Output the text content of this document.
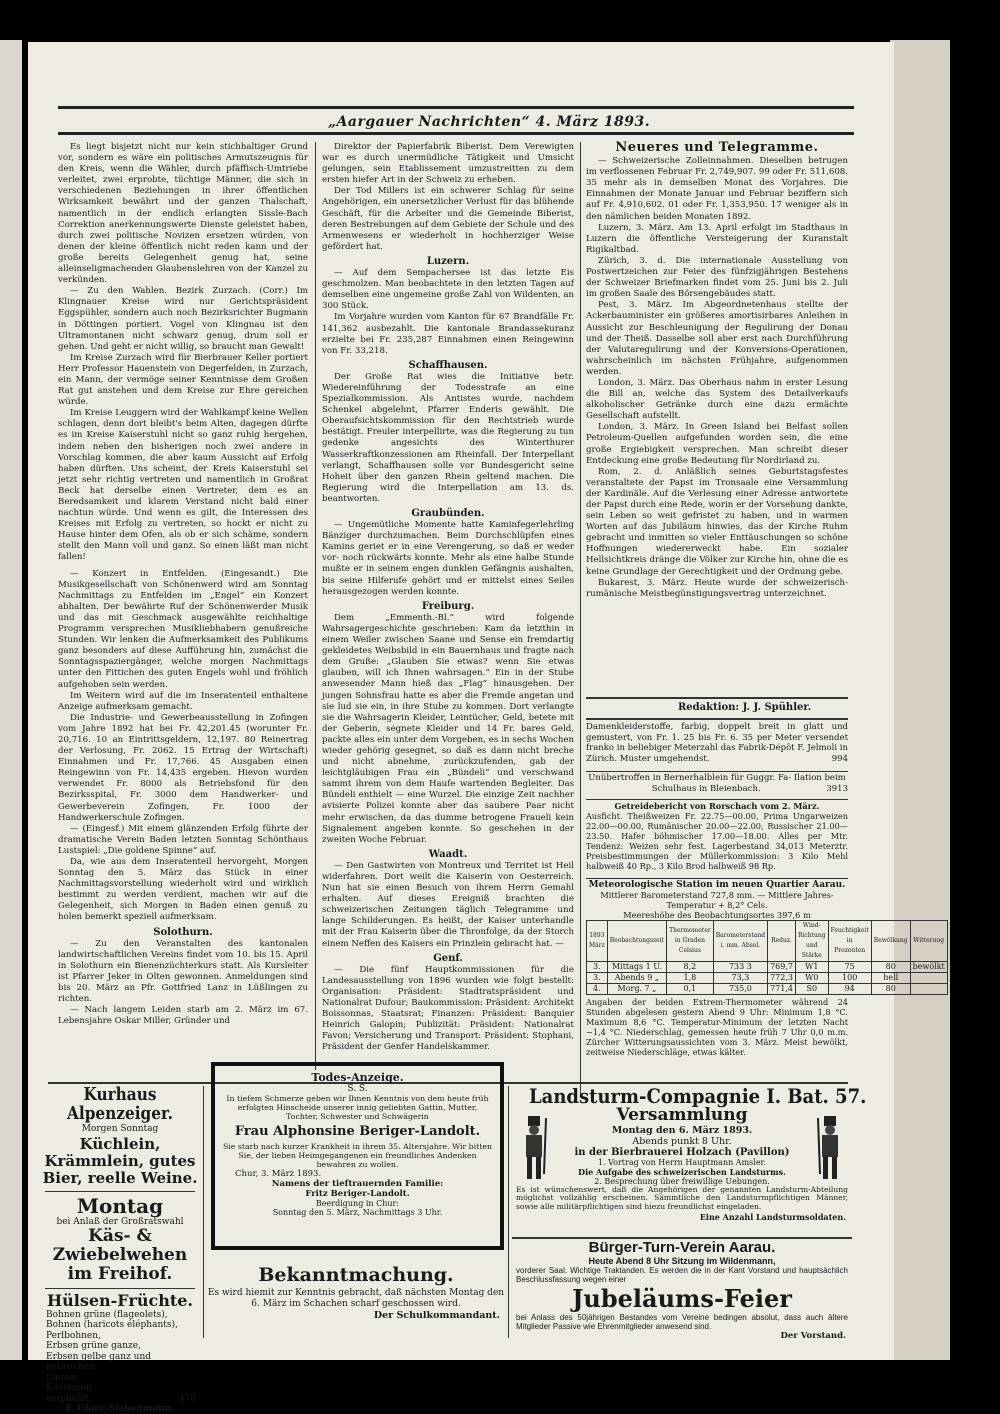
„Aargauer Nachrichten“ 4. März 1893.

Es liegt bisjetzt nicht nur kein stichhaltiger Grund vor, sondern es wäre ein politisches Armutszeugnis für den Kreis, wenn die Wähler, durch pfäffisch-Umtriebe verleitet, zwei erprobte, tüchtige Männer, die sich in verschiedenen Beziehungen in ihrer öffentlichen Wirksamkeit bewährt und der ganzen Thalschaft, namentlich in der endlich erlangten Sissle-Bach Correktion anerkennungswerte Dienste geleistet haben, durch zwei politische Novizen ersetzen würden, von denen der kleine öffentlich nicht reden kann und der große bereits Gelegenheit genug hat, seine alleinseligmachenden Glaubenslehren von der Kanzel zu verkünden.

— Zu den Wahlen. Bezirk Zurzach. (Corr.) Im Klingnauer Kreise wird nur Gerichtspräsident Eggspühler, sondern auch noch Bezirksrichter Bugmann in Döttingen portiert. Vogel von Klingnau ist den Ultramontanen nicht schwarz genug, drum soll er gehen. Und geht er nicht willig, so braucht man Gewalt!

Im Kreise Zurzach wird für Bierbrauer Keller portiert Herr Professor Hauenstein von Degerfelden, in Zurzach, ein Mann, der vermöge seiner Kenntnisse dem Großen Rat gut anstehen und dem Kreise zur Ehre gereichen würde.

Im Kreise Leuggern wird der Wahlkampf keine Wellen schlagen, denn dort bleibt's beim Alten, dagegen dürfte es im Kreise Kaiserstuhl nicht so ganz ruhig hergehen, indem neben den bisherigen noch zwei andere in Vorschlag kommen, die aber kaum Aussicht auf Erfolg haben dürften. Uns scheint, der Kreis Kaiserstuhl sei jetzt sehr richtig vertreten und namentlich in Großrat Beck hat derselbe einen Vertreter, dem es an Beredsamkeit und klarem Verstand nicht bald einer nachtun würde. Und wenn es gilt, die Interessen des Kreises mit Erfolg zu vertreten, so hockt er nicht zu Hause hinter dem Ofen, als ob er sich schäme, sondern stellt den Mann voll und ganz. So einen läßt man nicht fallen!

— Konzert in Entfelden. (Eingesandt.) Die Musikgesellschaft von Schönenwerd wird am Sonntag Nachmittags zu Entfelden im „Engel“ ein Konzert abhalten. Der bewährte Ruf der Schönenwerder Musik und das mit Geschmack ausgewählte reichhaltige Programm versprechen Musikliebhabern genußreiche Stunden. Wir lenken die Aufmerksamkeit des Publikums ganz besonders auf diese Aufführung hin, zumächst die Sonntagsspaziergänger, welche morgen Nachmittags unter den Fittichen des guten Engels wohl und fröhlich aufgehoben sein werden.

Im Weitern wird auf die im Inseratenteil enthaltene Anzeige aufmerksam gemacht.

Die Industrie- und Gewerbeausstellung in Zofingen vom Jahre 1892 hat bei Fr. 42,201.45 (worunter Fr. 20,716. 10 an Eintrittsgeldern, 12,197. 80 Reinertrag der Verlosung, Fr. 2062. 15 Ertrag der Wirtschaft) Einnahmen und Fr. 17,766. 45 Ausgaben einen Reingewinn von Fr. 14,435 ergeben. Hievon wurden verwendet Fr. 8000 als Betriebsfond für den Bezirksspital, Fr. 3000 dem Handwerker- und Gewerbeverein Zofingen, Fr. 1000 der Handwerkerschule Zofingen.

— (Eingesf.) Mit einem glänzenden Erfolg führte der dramatische Verein Baden letzten Sonntag Schönthaus Lustspiel: „Die goldene Spinne“ auf.

Da, wie aus dem Inseratenteil hervorgeht, Morgen Sonntag den 5. März das Stück in einer Nachmittagsvorstellung wiederholt wird und wirklich bestimmt zu werden verdient, machen wir auf die Gelegenheit, sich Morgen in Baden einen genuß zu holen bemerkt speziell aufmerksam.

Solothurn.

— Zu den Veranstalten des kantonalen landwirtschaftlichen Vereins findet vom 10. bis 15. April in Solothurn ein Bienenzüchterkurs statt. Als Kursleiter ist Pfarrer Jeker in Olten gewonnen. Anmeldungen sind bis 20. März an Pfr. Gottfried Lanz in Lüßlingen zu richten.

— Nach langem Leiden starb am 2. März im 67. Lebensjahre Oskar Miller, Gründer und

Direktor der Papierfabrik Biberist. Dem Verewigten war es durch unermüdliche Tätigkeit und Umsicht gelungen, sein Etablissement umzustreitten zu dem ersten hiefer Art in der Schweiz zu erheben.

Der Tod Millers ist ein schwerer Schlag für seine Angehörigen, ein unersetzlicher Verlust für das blühende Geschäft, für die Arbeiter und die Gemeinde Biberist, deren Bestrebungen auf dem Gebiete der Schule und des Armenwesens er wiederholt in hochherziger Weise gefördert hat.

Luzern.

— Auf dem Sempachersee ist das letzte Eis geschmolzen. Man beobachtete in den letzten Tagen auf demselben eine ungemeine große Zahl von Wildenten, an 300 Stück.

Im Vorjahre wurden vom Kanton für 67 Brandfälle Fr. 141,362 ausbezahlt. Die kantonale Brandassekuranz erzielte bei Fr. 235,287 Einnahmen einen Reingewinn von Fr. 33,218.

Schaffhausen.

Der Große Rat wies die Initiative betr. Wiedereinführung der Todesstrafe an eine Spezialkommission. Als Antistes wurde, nachdem Schenkel abgelehnt, Pfarrer Enderis gewählt. Die Oberaufsichtskommission für den Rechtstrieb wurde bestätigt. Freuler interpellirte, was die Regierung zu tun gedenke angesichts des Winterthurer Wasserkraftkonzessionen am Rheinfall. Der Interpellant verlangt, Schaffhausen solle vor Bundesgericht seine Hoheit über den ganzen Rhein geltend machen. Die Regierung wird die Interpellation am 13. ds. beantworten.

Graubünden.

— Ungemütliche Momente hatte Kaminfegerlehrling Bänziger durchzumachen. Beim Durchschlüpfen eines Kamins geriet er in eine Verengerung, so daß er weder vor- noch rückwärts konnte. Mehr als eine halbe Stunde mußte er in seinem engen dunklen Gefängnis aushalten, bis seine Hilferufe gehört und er mittelst eines Seiles herausgezogen werden konnte.

Freiburg.

Dem „Emmenth.-Bl.“ wird folgende Wahrsagergeschichte geschrieben: Kam da letzthin in einem Weiler zwischen Saane und Sense ein fremdartig gekleidetes Weibsbild in ein Bauernhaus und fragte nach dem Gruße: „Glauben Sie etwas? wenn Sie etwas glauben, will ich Ihnen wahrsagen.“ Ein in der Stube anwesender Mann hieß das „Flag“ hinausgehen. Der jungen Sohnsfrau hatte es aber die Fremde angetan und sie lud sie ein, in ihre Stube zu kommen. Dort verlangte sie die Wahrsagerin Kleider, Leintücher, Geld, betete mit der Geberin, segnete Kleider und 14 Fr. bares Geld, packte alles ein unter dem Vorgeben, es in sechs Wochen wieder gehörig gesegnet, so daß es dann nicht breche und nicht abnehme, zurückzufenden, gab der leichtgläubigen Frau ein „Bündeli“ und verschwand sammt ihrem von dem Haufe wartenden Begleiter. Das Bündeli enthielt — eine Wurzel. Die einzige Zeit nachher avisierte Polizei konnte aber das saubere Paar nicht mehr erwischen, da das dumme betrogene Fraueli kein Signalement angeben konnte. So geschehen in der zweiten Woche Februar.

Waadt.

— Den Gastwirten von Montreux und Territet ist Heil widerfahren. Dort weilt die Kaiserin von Oesterreich. Nun hat sie einen Besuch von ihrem Herrn Gemahl erhalten. Auf dieses Ereigniß brachten die schweizerischen Zeitungen täglich Telegramme und lange Schilderungen. Es heißt, der Kaiser unterhandle mit der Frau Kaiserin über die Thronfolge, da der Storch einem Neffen des Kaisers ein Prinzlein gebracht hat. —

Genf.

— Die fünf Hauptkommissionen für die Landesausstellung von 1896 wurden wie folgt bestellt: Organisation: Präsident: Stadtratspräsident und Nationalrat Dufour; Baukommission: Präsident: Architekt Boissonnas, Staatsrat; Finanzen: Präsident: Banquier Heinrich Galopin; Publizität: Präsident: Nationalrat Favon; Versicherung und Transport: Präsident: Stophani, Präsident der Genfer Handelskammer.

Neueres und Telegramme.

— Schweizerische Zolleinnahmen. Dieselben betrugen im verflossenen Februar Fr. 2,749,907. 99 oder Fr. 511,608. 35 mehr als in demselben Monat des Vorjahres. Die Einnahmen der Monate Januar und Februar beziffern sich auf Fr. 4,910,602. 01 oder Fr. 1,353,950. 17 weniger als in den nämlichen beiden Monaten 1892.

Luzern, 3. März. Am 13. April erfolgt im Stadthaus in Luzern die öffentliche Versteigerung der Kuranstalt Rigikaltbad.

Zürich, 3. d. Die internationale Ausstellung von Postwertzeichen zur Feier des fünfzigjährigen Bestehens der Schweizer Briefmarken findet vom 25. Juni bis 2. Juli im großen Saale des Börsengebäudes statt.

Pest, 3. März. Im Abgeordnetenhaus stellte der Ackerbauminister ein größeres amortisirbares Anleihen in Aussicht zur Beschleunigung der Regulirung der Donau und der Theiß. Dasselbe soll aber erst nach Durchführung der Valutaregulirung und der Konversions-Operationen, wahrscheinlich im nächsten Frühjahre, aufgenommen werden.

London, 3. März. Das Oberhaus nahm in erster Lesung die Bill an, welche das System des Detailverkaufs alkoholischer Getränke durch eine dazu ermächte Gesellschaft aufstellt.

London, 3. März. In Green Island bei Belfast sollen Petroleum-Quellen aufgefunden worden sein, die eine große Ergiebigkeit versprechen. Man schreibt dieser Entdeckung eine große Bedeutung für Nordirland zu.

Rom, 2. d. Anläßlich seines Geburtstagsfestes veranstaltete der Papst im Tronsaale eine Versammlung der Kardinäle. Auf die Verlesung einer Adresse antwortete der Papst durch eine Rede, worin er der Vorsehung dankte, sein Leben so weit gefristet zu haben, und in warmen Worten auf das Jubiläum hinwies, das der Kirche Ruhm gebracht und inmitten so vieler Enttäuschungen so schöne Hoffnungen wiedererweckt habe. Ein sozialer Hellsichtkreis dränge die Völker zur Kirche hin, ohne die es keine Grundlage der Gerechtigkeit und der Ordnung gebe.

Bukarest, 3. März. Heute wurde der schweizerisch-rumänische Meistbegünstigungsvertrag unterzeichnet.

Redaktion: J. J. Spühler.
Damenkleiderstoffe, farbig, doppelt breit in glatt und gemustert, von Fr. 1. 25 bis Fr. 6. 35 per Meter versendet franko in beliebiger Meterzahl das Fabrik-Dépôt F. Jelmoli in Zürich. Muster umgehendst.	994
Unübertroffen in Bernerhalblein für Guggr. Fa- Ilation beim Schulhaus in Bleienbach.	3913
Getreidebericht von Rorschach vom 2. März.
Ausficht. Theißweizen Fr. 22.75—00.00, Prima Ungarweizen 22.00—00.00, Rumänischer 20.00—22.00, Russischer 21.00—23.50. Hafer böhmischer 17.00—18.00. Alles per Mtr. Tendenz: Weizen sehr fest. Lagerbestand 34,013 Meterztr. Preisbestimmungen der Müllerkommission: 3 Kilo Mehl halbweiß 40 Rp., 3 Kilo Brod halbweiß 98 Rp.
Meteorologische Station im neuen Quartier Aarau.
Mittlerer Barometerstand 727,8 mm. — Mittlere Jahres-Temperatur + 8,2° Cels.
Meereshöhe des Beobachtungsortes 397,6 m
1893 März	Beobachtungszeit	Thermometer in Graden Celsius	Barometerstand i. mm. Absol.	Reduz.	Wind-Richtung und Stärke	Feuchtigkeit in Prozenten	Bewölkung	Witterung
3.	Mittags 1 U.	8,2	733 3	769,7	W1	75	80	bewölkt
3.	Abends 9 „	1,8	73,3	772,3	W0	100	hell	
4.	Morg. 7 „	0,1	735,0	771,4	S0	94	80	
Angaben der beiden Extrem-Thermometer während 24 Stunden abgelesen gestern Abend 9 Uhr: Minimum 1,8 °C. Maximum 8,6 °C. Temperatur-Minimum der letzten Nacht −1,4 °C. Niederschlag, gemessen heute früh 7 Uhr 0,0 m.m. Zürcher Witterungsaussichten vom 3. März. Meist bewölkt, zeitweise Niederschläge, etwas kälter.
Kurhaus Alpenzeiger.
Morgen Sonntag
Küchlein, Krämmlein, gutes Bier, reelle Weine.
Montag
bei Anlaß der Großratswahl
Käs- & Zwiebelwehen im Freihof.
Hülsen-Früchte.
Bohnen grüne (flageolets),
Bohnen (haricots éléphants),
Perlbohnen,
Erbsen grüne ganze,
Erbsen gelbe ganz und gebrochen,
Linsen,
Kastanien,
empfiehlt	478
F. Glaer-Siebenmann.
Todes-Anzeige.
S. S.
In tiefem Schmerze geben wir Ihnen Kenntnis von dem heute früh erfolgten Hinscheide unserer innig geliebten Gattin, Mutter, Tochter, Schwester und Schwägerin
Frau Alphonsine Beriger-Landolt.
Sie starb nach kurzer Krankheit in ihrem 35. Altersjahre. Wir bitten Sie, der lieben Heimgegangenen ein freundliches Andenken bewahren zu wollen.
Chur, 3. März 1893.
Namens der tieftrauernden Familie:
Fritz Beriger-Landolt.
Beerdigung in Chur:
Sonntag den 5. März, Nachmittags 3 Uhr.
Bekanntmachung.
Es wird hiemit zur Kenntnis gebracht, daß nächsten Montag den 6. März im Schachen scharf geschossen wird.
Der Schulkommandant.
Landsturm-Compagnie I. Bat. 57.
Versammlung
Montag den 6. März 1893.
Abends punkt 8 Uhr.
in der Bierbrauerei Holzach (Pavillon)
1. Vortrag von Herrn Hauptmann Amsler.
Die Aufgabe des schweizerischen Landsturms.
2. Besprechung über freiwillige Uebungen.
Es ist wünschenswert, daß die Angehörigen der genannten Landsturm-Abteilung möglichst vollzählig erscheinen. Sämmtliche den Landsturmpflichtigen Männer, sowie alle militärpflichtigen sind hiezu freundlichst eingeladen.
Eine Anzahl Landsturmsoldaten.
Bürger-Turn-Verein Aarau.
Heute Abend 8 Uhr Sitzung im Wildenmann,
vorderer Saal. Wichtige Traktanden. Es werden die in der Kant Vorstand und hauptsächlich Beschlussfassung wegen einer
Jubeläums-Feier
bei Anlass des 50jährigen Bestandes vom Vereine bedingen absolut, dass auch ältere Mitglieder Passive wie Ehrenmitglieder anwesend sind.
Der Vorstand.
